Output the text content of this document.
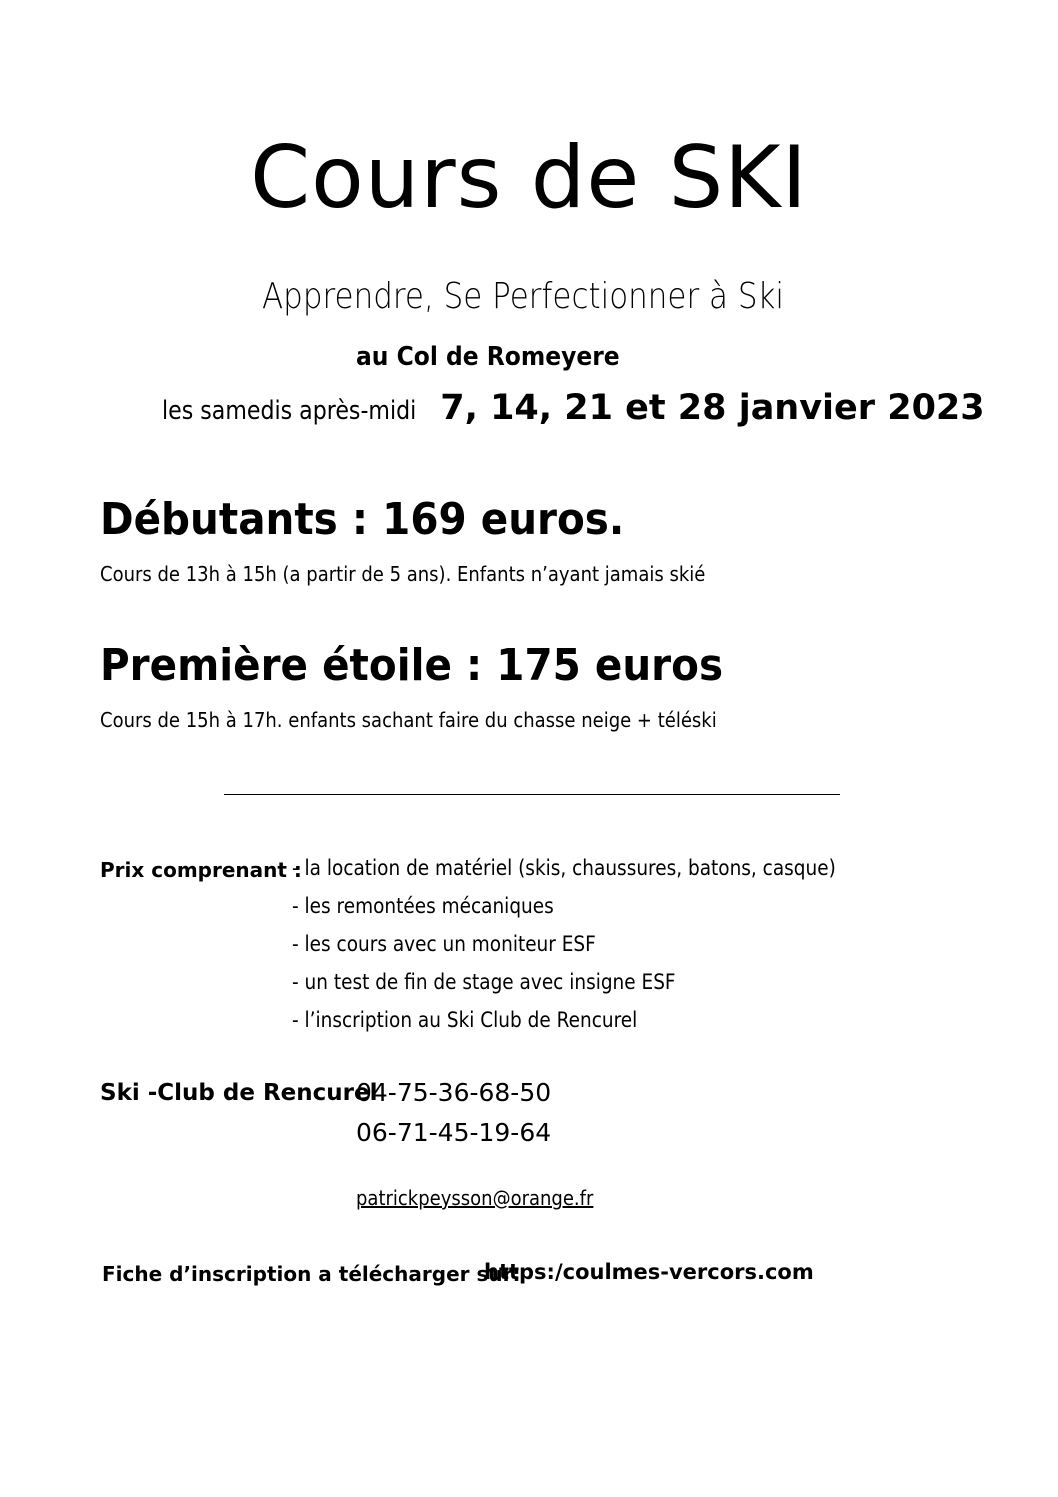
Cours de SKI
Apprendre, Se Perfectionner à Ski
au Col de Romeyere
les samedis après-midi 7, 14, 21 et 28 janvier 2023
Débutants : 169 euros.
Cours de 13h à 15h (a partir de 5 ans). Enfants n’ayant jamais skié
Première étoile : 175 euros
Cours de 15h à 17h. enfants sachant faire du chasse neige + téléski
Prix comprenant :
- la location de matériel (skis, chaussures, batons, casque)
- les remontées mécaniques
- les cours avec un moniteur ESF
- un test de fin de stage avec insigne ESF
- l’inscription au Ski Club de Rencurel
Ski -Club de Rencurel
04-75-36-68-50
06-71-45-19-64
patrickpeysson@orange.fr
Fiche d’inscription a télécharger sur:
https:/coulmes-vercors.com
